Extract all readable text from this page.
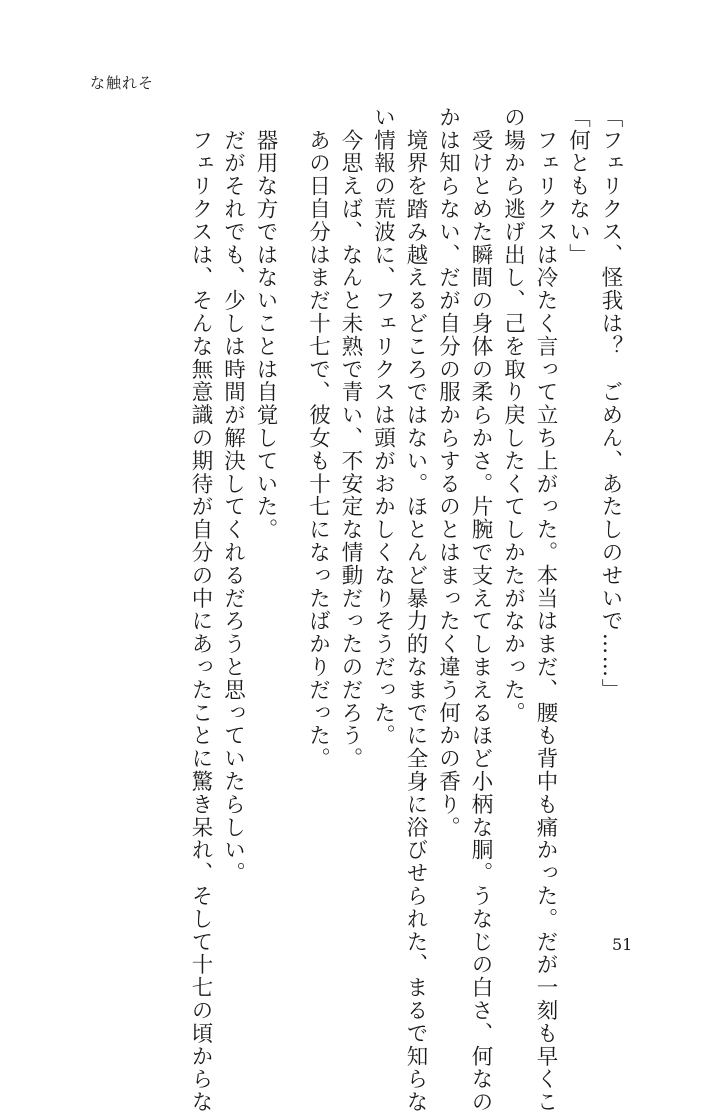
な触れそ
「フェリクス、怪我は？　ごめん、あたしのせいで……」
「何ともない」
　フェリクスは冷たく言って立ち上がった。本当はまだ、腰も背中も痛かった。だが一刻も早くこ
の場から逃げ出し、己を取り戻したくてしかたがなかった。
　受けとめた瞬間の身体の柔らかさ。片腕で支えてしまえるほど小柄な胴。うなじの白さ、何なの
かは知らない、だが自分の服からするのとはまったく違う何かの香り。
　境界を踏み越えるどころではない。ほとんど暴力的なまでに全身に浴びせられた、まるで知らな
い情報の荒波に、フェリクスは頭がおかしくなりそうだった。
　今思えば、なんと未熟で青い、不安定な情動だったのだろう。
　あの日自分はまだ十七で、彼女も十七になったばかりだった。
　器用な方ではないことは自覚していた。
　だがそれでも、少しは時間が解決してくれるだろうと思っていたらしい。
　フェリクスは、そんな無意識の期待が自分の中にあったことに驚き呆れ、そして十七の頃からな	51
